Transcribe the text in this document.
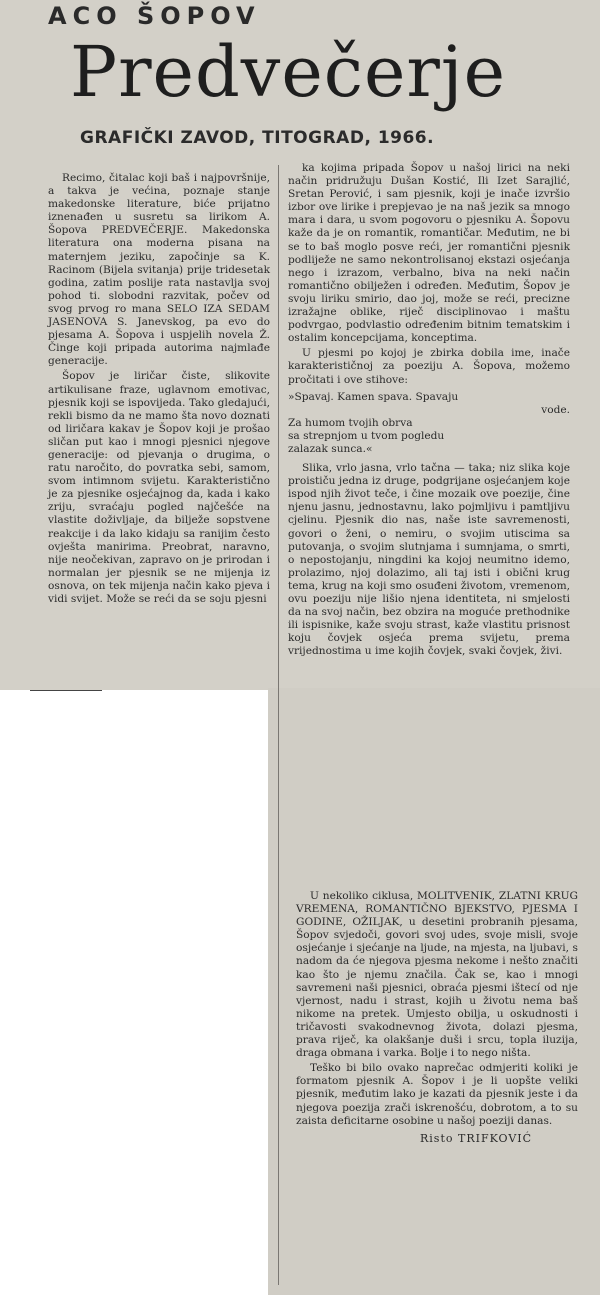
ACO ŠOPOV
Predvečerje
GRAFIČKI ZAVOD, TITOGRAD, 1966.

Recimo, čitalac koji baš i najpovršnije, a takva je većina, poznaje stanje makedonske literature, biće prijatno iznenađen u susretu sa lirikom A. Šopova PREDVEČERJE. Makedonska literatura ona moderna pisana na maternjem jeziku, započinje sa K. Racinom (Bijela svitanja) prije tridesetak godina, zatim poslije rata nastavlja svoj pohod ti. slobodni razvitak, počev od svog prvog ro mana SELO IZA SEDAM JASENOVA S. Janevskog, pa evo do pjesama A. Šopova i uspjelih novela Ž. Činge koji pripada autorima najmlađe generacije.

Šopov je liričar čiste, slikovite artikulisane fraze, uglavnom emotivac, pjesnik koji se ispovijeda. Tako gledajući, rekli bismo da ne mamo šta novo doznati od liričara kakav je Šopov koji je prošao sličan put kao i mnogi pjesnici njegove generacije: od pjevanja o drugima, o ratu naročito, do povratka sebi, samom, svom intimnom svijetu. Karakteristično je za pjesnike osjećajnog da, kada i kako zriju, svraćaju pogled najčešće na vlastite doživljaje, da bilježe sopstvene reakcije i da lako kidaju sa ranijim često ovješta manirima. Preobrat, naravno, nije neočekivan, zapravo on je prirodan i normalan jer pjesnik se ne mijenja iz osnova, on tek mijenja način kako pjeva i vidi svijet. Može se reći da se soju pjesni

ka kojima pripada Šopov u našoj lirici na neki način pridružuju Dušan Kostić, Ili Izet Sarajlić, Sretan Perović, i sam pjesnik, koji je inače izvršio izbor ove lirike i prepjevao je na naš jezik sa mnogo mara i dara, u svom pogovoru o pjesniku A. Šopovu kaže da je on romantik, romantičar. Međutim, ne bi se to baš moglo posve reći, jer romantični pjesnik podliježe ne samo nekontrolisanoj ekstazi osjećanja nego i izrazom, verbalno, biva na neki način romantično obilježen i određen. Međutim, Šopov je svoju liriku smirio, dao joj, može se reći, precizne izražajne oblike, riječ disciplinovao i maštu podvrgao, podvlastio određenim bitnim tematskim i ostalim koncepcijama, konceptima.

U pjesmi po kojoj je zbirka dobila ime, inače karakterističnoj za poeziju A. Šopova, možemo pročitati i ove stihove:

»Spavaj. Kamen spava. Spavaju
vode.
Za humom tvojih obrva
sa strepnjom u tvom pogledu
zalazak sunca.«

Slika, vrlo jasna, vrlo tačna — taka; niz slika koje proističu jedna iz druge, podgrijane osjećanjem koje ispod njih život teče, i čine mozaik ove poezije, čine njenu jasnu, jednostavnu, lako pojmljivu i pamtljivu cjelinu. Pjesnik dio nas, naše iste savremenosti, govori o ženi, o nemiru, o svojim utiscima sa putovanja, o svojim slutnjama i sumnjama, o smrti, o nepostojanju, ningdini ka kojoj neumitno idemo, prolazimo, njoj dolazimo, ali taj isti i obični krug tema, krug na koji smo osuđeni životom, vremenom, ovu poeziju nije lišio njena identiteta, ni smjelosti da na svoj način, bez obzira na moguće prethodnike ili ispisnike, kaže svoju strast, kaže vlastitu prisnost koju čovjek osjeća prema svijetu, prema vrijednostima u ime kojih čovjek, svaki čovjek, živi.

U nekoliko ciklusa, MOLITVENIK, ZLATNI KRUG VREMENA, ROMANTIČNO BJEKSTVO, PJESMA I GODINE, OŽILJAK, u desetini probranih pjesama, Šopov svjedoči, govori svoj udes, svoje misli, svoje osjećanje i sjećanje na ljude, na mjesta, na ljubavi, s nadom da će njegova pjesma nekome i nešto značiti kao što je njemu značila. Čak se, kao i mnogi savremeni naši pjesnici, obraća pjesmi ištecí od nje vjernost, nadu i strast, kojih u životu nema baš nikome na pretek. Umjesto obilja, u oskudnosti i tričavosti svakodnevnog života, dolazi pjesma, prava riječ, ka olakšanje duši i srcu, topla iluzija, draga obmana i varka. Bolje i to nego ništa.

Teško bi bilo ovako naprečac odmjeriti koliki je formatom pjesnik A. Šopov i je li uopšte veliki pjesnik, međutim lako je kazati da pjesnik jeste i da njegova poezija zrači iskrenošću, dobrotom, a to su zaista deficitarne osobine u našoj poeziji danas.

Risto TRIFKOVIĆ
